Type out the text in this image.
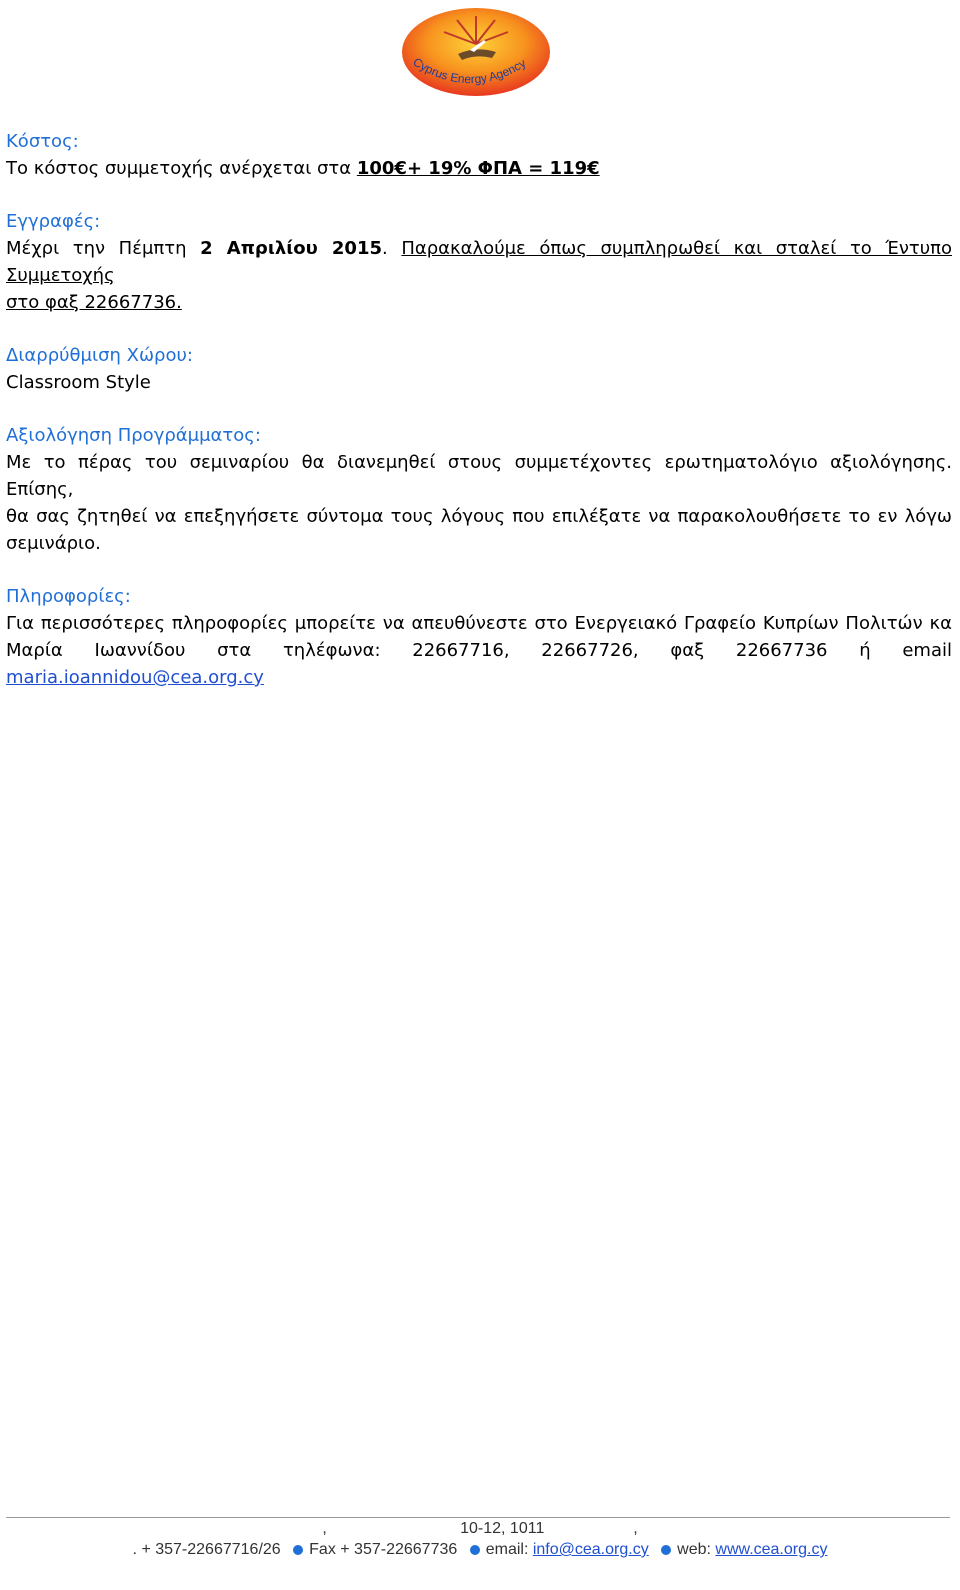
Cyprus Energy Agency

Κόστος:

Το κόστος συμμετοχής ανέρχεται στα 100€+ 19% ΦΠΑ = 119€

Εγγραφές:

Μέχρι την Πέμπτη 2 Απριλίου 2015. Παρακαλούμε όπως συμπληρωθεί και σταλεί το Έντυπο Συμμετοχής

στο φαξ 22667736.

Διαρρύθμιση Χώρου:

Classroom Style

Αξιολόγηση Προγράμματος:

Με το πέρας του σεμιναρίου θα διανεμηθεί στους συμμετέχοντες ερωτηματολόγιο αξιολόγησης. Επίσης,

θα σας ζητηθεί να επεξηγήσετε σύντομα τους λόγους που επιλέξατε να παρακολουθήσετε το εν λόγω

σεμινάριο.

Πληροφορίες:

Για περισσότερες πληροφορίες μπορείτε να απευθύνεστε στο Ενεργειακό Γραφείο Κυπρίων Πολιτών κα

Μαρία Ιωαννίδου στα τηλέφωνα: 22667716, 22667726, φαξ 22667736 ή email

maria.ioannidou@cea.org.cy

,                              10-12, 1011                    ,
. + 357-22667716/26 Fax + 357-22667736 email: info@cea.org.cy web: www.cea.org.cy
